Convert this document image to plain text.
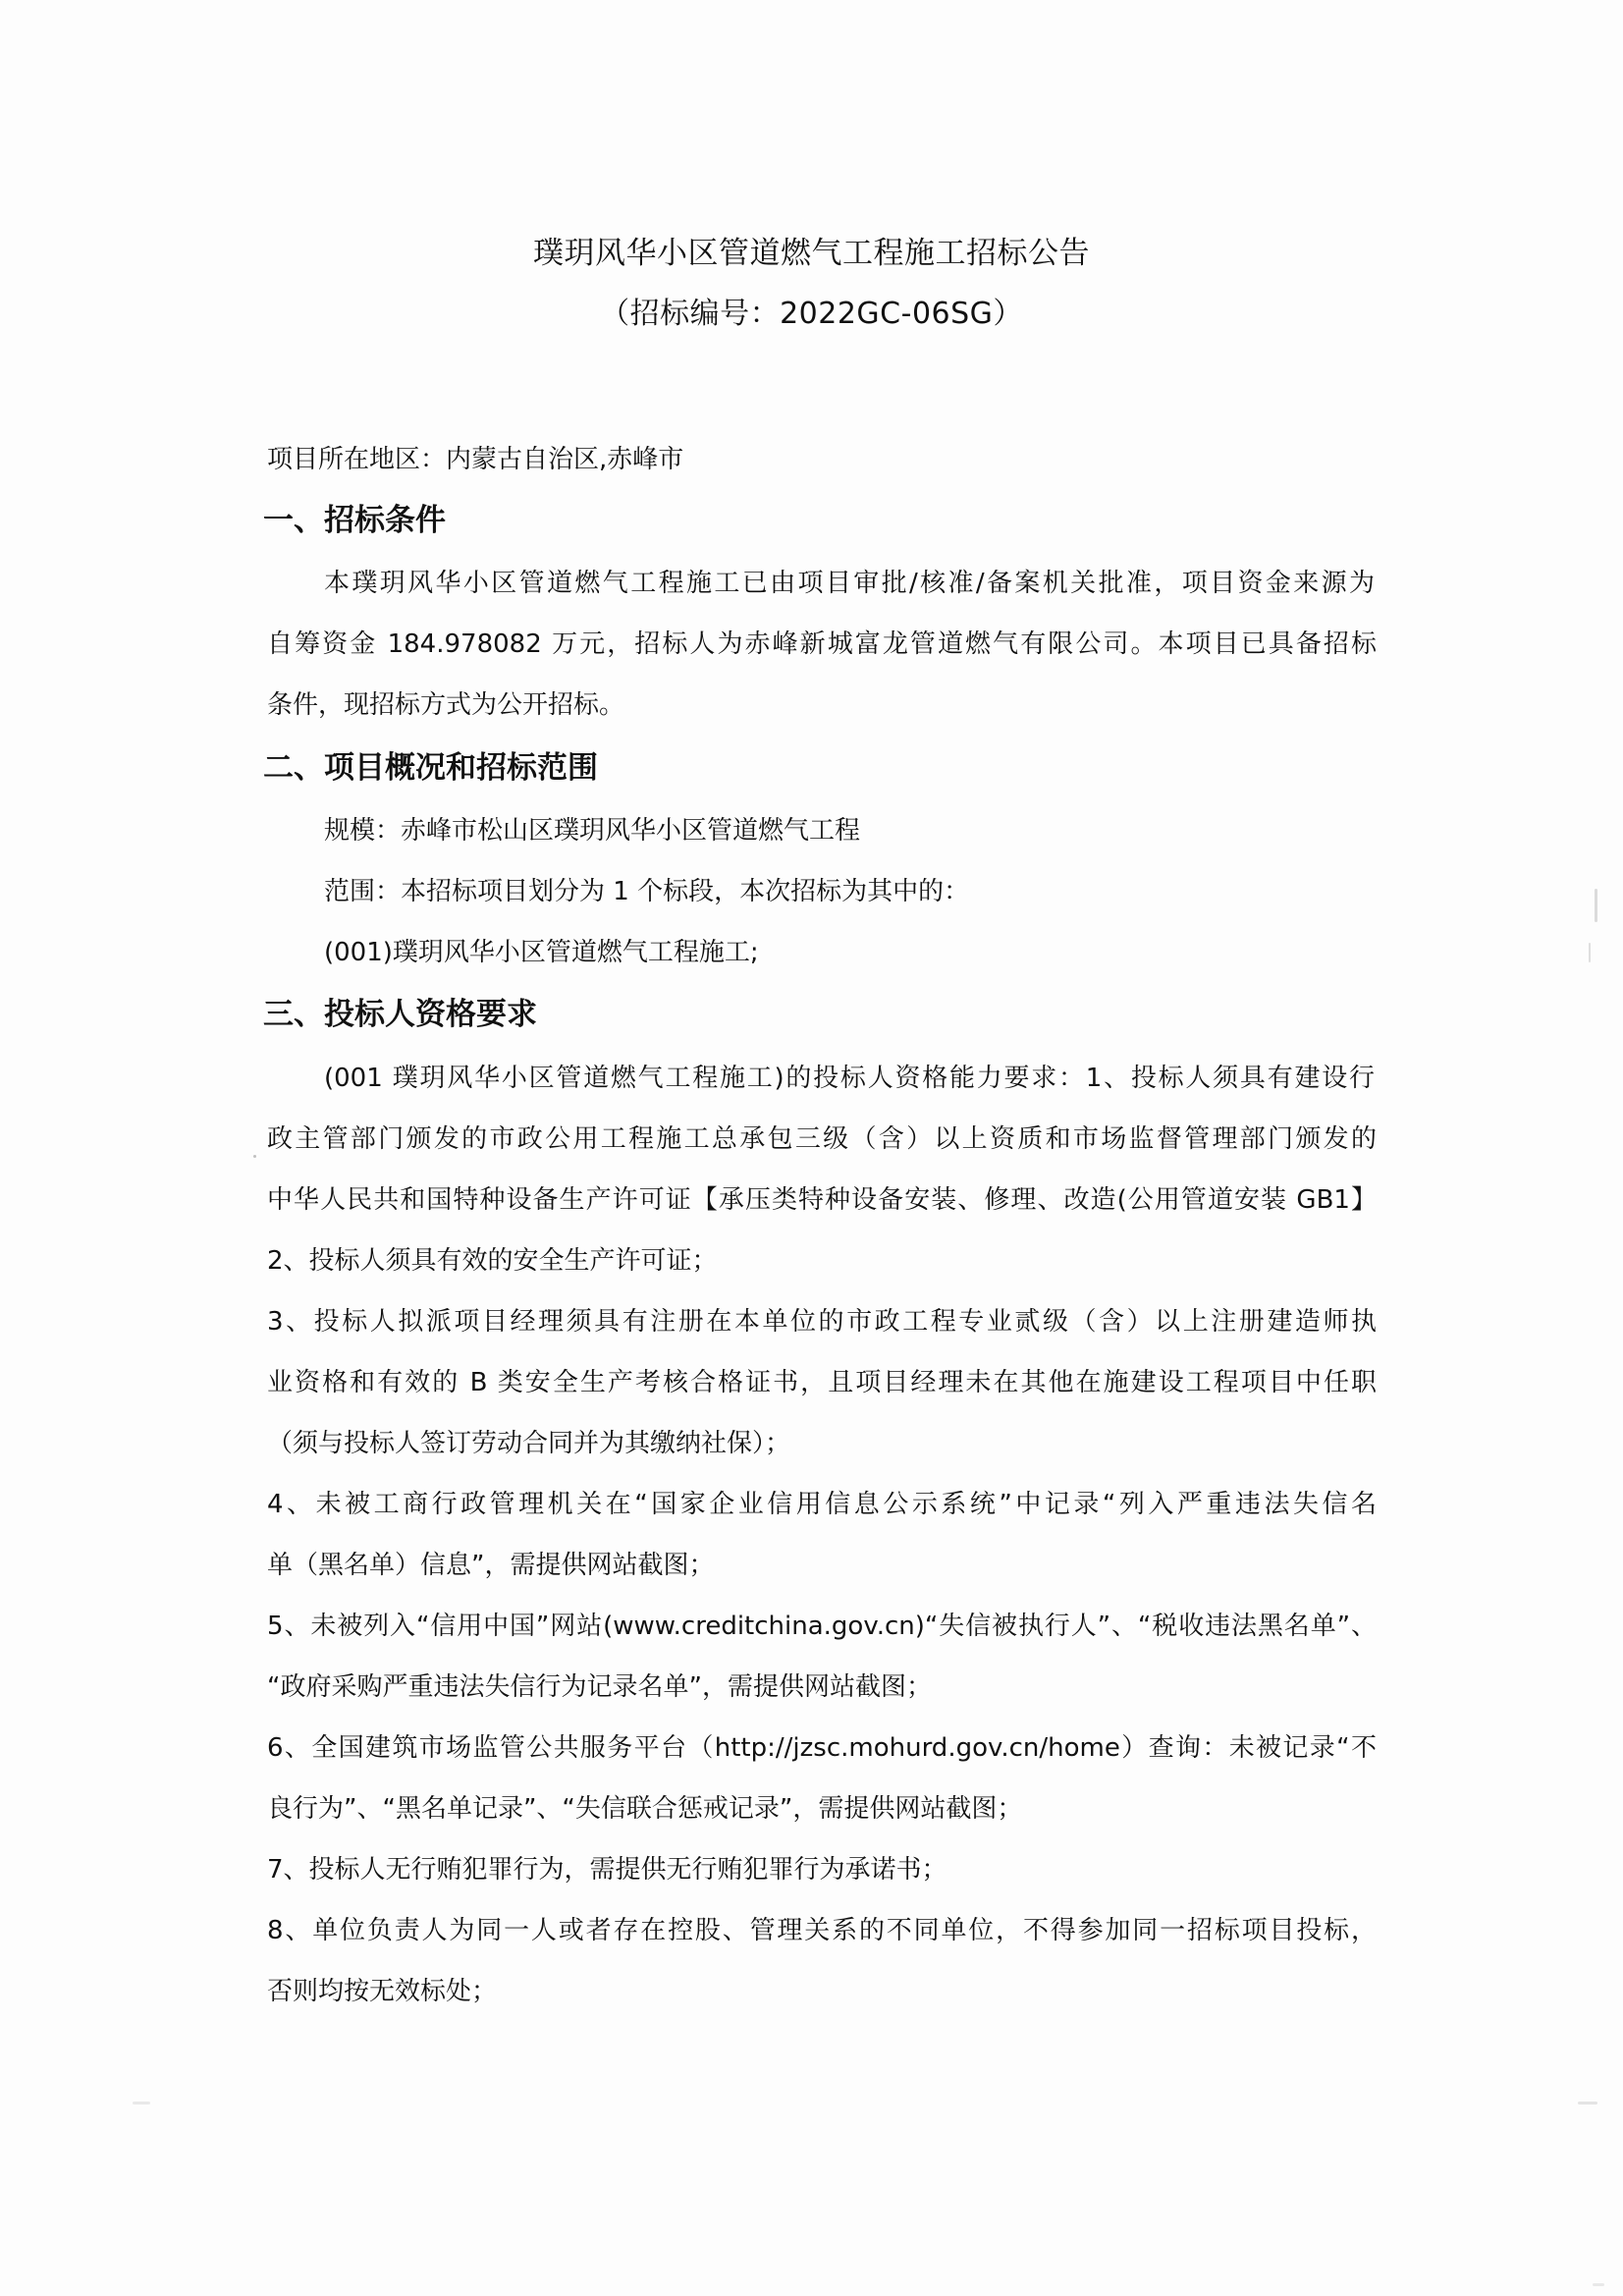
璞玥风华小区管道燃气工程施工招标公告
（招标编号：2022GC-06SG）
项目所在地区：内蒙古自治区,赤峰市
一、招标条件
本璞玥风华小区管道燃气工程施工已由项目审批/核准/备案机关批准，项目资金来源为
自筹资金 184.978082 万元，招标人为赤峰新城富龙管道燃气有限公司。本项目已具备招标
条件，现招标方式为公开招标。
二、项目概况和招标范围
规模：赤峰市松山区璞玥风华小区管道燃气工程
范围：本招标项目划分为 1 个标段，本次招标为其中的：
(001)璞玥风华小区管道燃气工程施工;
三、投标人资格要求
(001 璞玥风华小区管道燃气工程施工)的投标人资格能力要求：1、投标人须具有建设行
政主管部门颁发的市政公用工程施工总承包三级（含）以上资质和市场监督管理部门颁发的
中华人民共和国特种设备生产许可证【承压类特种设备安装、修理、改造(公用管道安装 GB1】
2、投标人须具有效的安全生产许可证；
3、投标人拟派项目经理须具有注册在本单位的市政工程专业贰级（含）以上注册建造师执
业资格和有效的 B 类安全生产考核合格证书，且项目经理未在其他在施建设工程项目中任职
（须与投标人签订劳动合同并为其缴纳社保）；
4、未被工商行政管理机关在“国家企业信用信息公示系统”中记录“列入严重违法失信名
单（黑名单）信息”，需提供网站截图；
5、未被列入“信用中国”网站(www.creditchina.gov.cn)“失信被执行人”、“税收违法黑名单”、
“政府采购严重违法失信行为记录名单”，需提供网站截图；
6、全国建筑市场监管公共服务平台（http://jzsc.mohurd.gov.cn/home）查询：未被记录“不
良行为”、“黑名单记录”、“失信联合惩戒记录”，需提供网站截图；
7、投标人无行贿犯罪行为，需提供无行贿犯罪行为承诺书；
8、单位负责人为同一人或者存在控股、管理关系的不同单位，不得参加同一招标项目投标，
否则均按无效标处；
